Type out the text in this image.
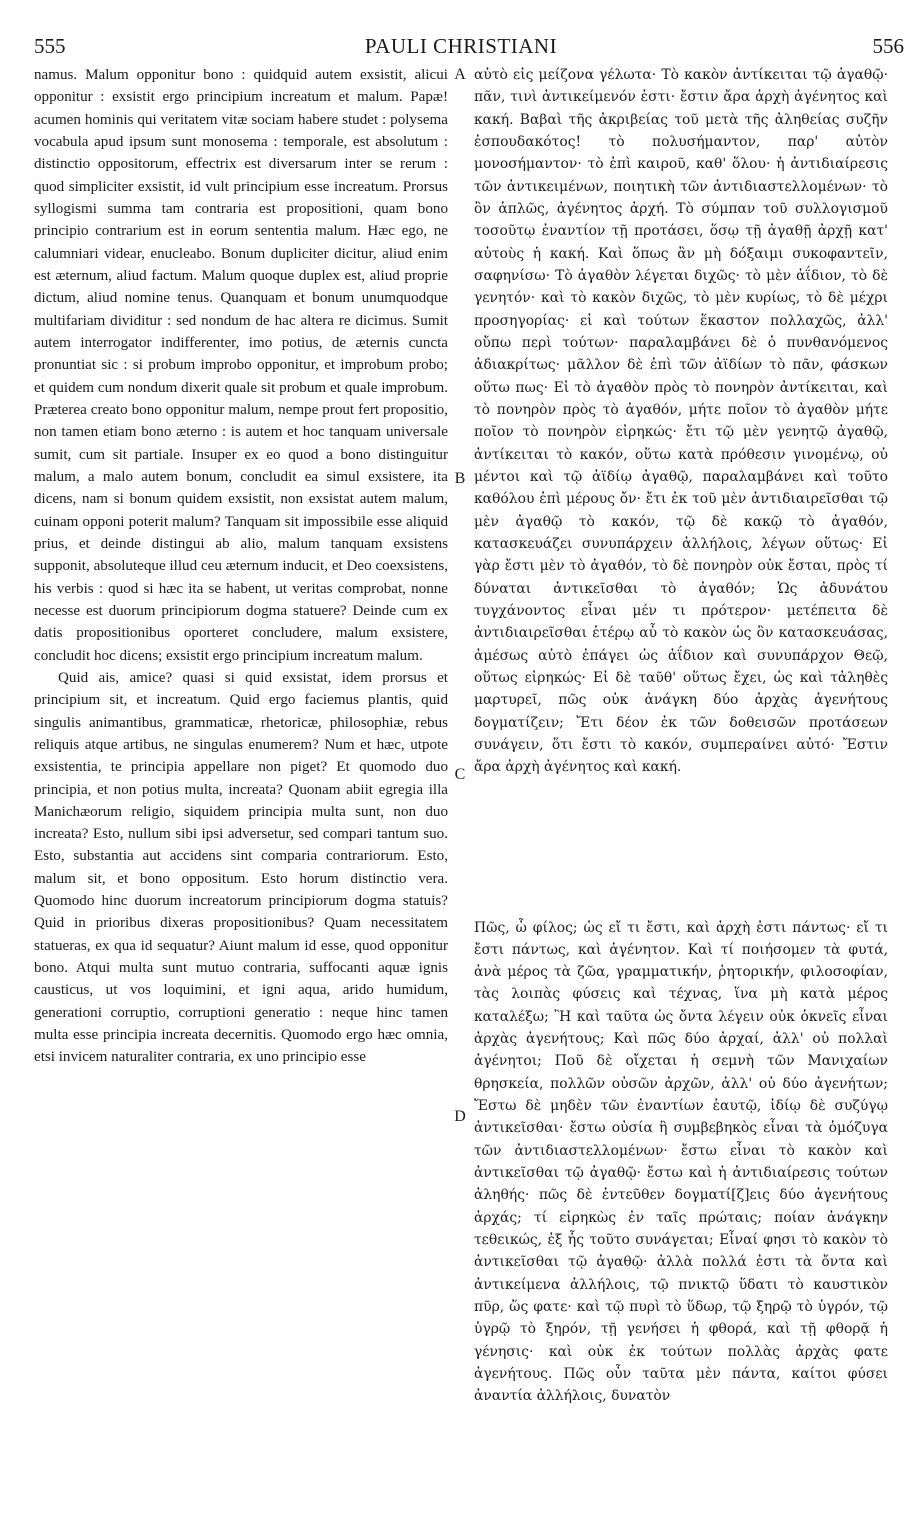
555	PAULI CHRISTIANI	556

namus. Malum opponitur bono : quidquid autem exsistit, alicui opponitur : exsistit ergo principium increatum et malum. Papæ! acumen hominis qui veritatem vitæ sociam habere studet : polysema vocabula apud ipsum sunt monosema : temporale, est absolutum : distinctio oppositorum, effectrix est diversarum inter se rerum : quod simpliciter exsistit, id vult principium esse increatum. Prorsus syllogismi summa tam contraria est propositioni, quam bono principio contrarium est in eorum sententia malum. Hæc ego, ne calumniari videar, enucleabo. Bonum dupliciter dicitur, aliud enim est æternum, aliud factum. Malum quoque duplex est, aliud proprie dictum, aliud nomine tenus. Quanquam et bonum unumquodque multifariam dividitur : sed nondum de hac altera re dicimus. Sumit autem interrogator indifferenter, imo potius, de æternis cuncta pronuntiat sic : si probum improbo opponitur, et improbum probo; et quidem cum nondum dixerit quale sit probum et quale improbum. Præterea creato bono opponitur malum, nempe prout fert propositio, non tamen etiam bono æterno : is autem et hoc tanquam universale sumit, cum sit partiale. Insuper ex eo quod a bono distinguitur malum, a malo autem bonum, concludit ea simul exsistere, ita dicens, nam si bonum quidem exsistit, non exsistat autem malum, cuinam opponi poterit malum? Tanquam sit impossibile esse aliquid prius, et deinde distingui ab alio, malum tanquam exsistens supponit, absoluteque illud ceu æternum inducit, et Deo coexsistens, his verbis : quod si hæc ita se habent, ut veritas comprobat, nonne necesse est duorum principiorum dogma statuere? Deinde cum ex datis propositionibus oporteret concludere, malum exsistere, concludit hoc dicens; exsistit ergo principium increatum malum.

Quid ais, amice? quasi si quid exsistat, idem prorsus et principium sit, et increatum. Quid ergo faciemus plantis, quid singulis animantibus, grammaticæ, rhetoricæ, philosophiæ, rebus reliquis atque artibus, ne singulas enumerem? Num et hæc, utpote exsistentia, te principia appellare non piget? Et quomodo duo principia, et non potius multa, increata? Quonam abiit egregia illa Manichæorum religio, siquidem principia multa sunt, non duo increata? Esto, nullum sibi ipsi adversetur, sed compari tantum suo. Esto, substantia aut accidens sint comparia contrariorum. Esto, malum sit, et bono oppositum. Esto horum distinctio vera. Quomodo hinc duorum increatorum principiorum dogma statuis? Quid in prioribus dixeras propositionibus? Quam necessitatem statueras, ex qua id sequatur? Aiunt malum id esse, quod opponitur bono. Atqui multa sunt mutuo contraria, suffocanti aquæ ignis causticus, ut vos loquimini, et igni aqua, arido humidum, generationi corruptio, corruptioni generatio : neque hinc tamen multa esse principia increata decernitis. Quomodo ergo hæc omnia, etsi invicem naturaliter contraria, ex uno principio esse

αὐτὸ εἰς μείζονα γέλωτα· Τὸ κακὸν ἀντίκειται τῷ ἀγαθῷ· πᾶν, τινὶ ἀντικείμενόν ἐστι· ἔστιν ἄρα ἀρχὴ ἀγένητος καὶ κακή. Βαβαὶ τῆς ἀκριβείας τοῦ μετὰ τῆς ἀληθείας συζῆν ἐσπουδακότος! τὸ πολυσήμαντον, παρ' αὐτὸν μονοσήμαντον· τὸ ἐπὶ καιροῦ, καθ' ὅλου· ἡ ἀντιδιαίρεσις τῶν ἀντικειμένων, ποιητικὴ τῶν ἀντιδιαστελλομένων· τὸ ὂν ἁπλῶς, ἀγένητος ἀρχή. Τὸ σύμπαν τοῦ συλλογισμοῦ τοσοῦτῳ ἐναντίον τῇ προτάσει, ὅσῳ τῇ ἀγαθῇ ἀρχῇ κατ' αὐτοὺς ἡ κακή. Καὶ ὅπως ἂν μὴ δόξαιμι συκοφαντεῖν, σαφηνίσω· Τὸ ἀγαθὸν λέγεται διχῶς· τὸ μὲν ἀΐδιον, τὸ δὲ γενητόν· καὶ τὸ κακὸν διχῶς, τὸ μὲν κυρίως, τὸ δὲ μέχρι προσηγορίας· εἰ καὶ τούτων ἕκαστον πολλαχῶς, ἀλλ' οὔπω περὶ τούτων· παραλαμβάνει δὲ ὁ πυνθανόμενος ἀδιακρίτως· μᾶλλον δὲ ἐπὶ τῶν ἀϊδίων τὸ πᾶν, φάσκων οὕτω πως· Εἰ τὸ ἀγαθὸν πρὸς τὸ πονηρὸν ἀντίκειται, καὶ τὸ πονηρὸν πρὸς τὸ ἀγαθόν, μήτε ποῖον τὸ ἀγαθὸν μήτε ποῖον τὸ πονηρὸν εἰρηκώς· ἔτι τῷ μὲν γενητῷ ἀγαθῷ, ἀντίκειται τὸ κακόν, οὕτω κατὰ πρόθεσιν γινομένῳ, οὐ μέντοι καὶ τῷ ἀϊδίῳ ἀγαθῷ, παραλαμβάνει καὶ τοῦτο καθόλου ἐπὶ μέρους ὄν· ἔτι ἐκ τοῦ μὲν ἀντιδιαιρεῖσθαι τῷ μὲν ἀγαθῷ τὸ κακόν, τῷ δὲ κακῷ τὸ ἀγαθόν, κατασκευάζει συνυπάρχειν ἀλλήλοις, λέγων οὕτως· Εἰ γὰρ ἔστι μὲν τὸ ἀγαθόν, τὸ δὲ πονηρὸν οὐκ ἔσται, πρὸς τί δύναται ἀντικεῖσθαι τὸ ἀγαθόν; Ὡς ἀδυνάτου τυγχάνοντος εἶναι μέν τι πρότερον· μετέπειτα δὲ ἀντιδιαιρεῖσθαι ἑτέρῳ αὖ τὸ κακὸν ὡς ὂν κατασκευάσας, ἀμέσως αὐτὸ ἐπάγει ὡς ἀΐδιον καὶ συνυπάρχον Θεῷ, οὕτως εἰρηκώς· Εἰ δὲ ταῦθ' οὕτως ἔχει, ὡς καὶ τἀληθὲς μαρτυρεῖ, πῶς οὐκ ἀνάγκη δύο ἀρχὰς ἀγενήτους δογματίζειν; Ἔτι δέον ἐκ τῶν δοθεισῶν προτάσεων συνάγειν, ὅτι ἔστι τὸ κακόν, συμπεραίνει αὐτό· Ἔστιν ἄρα ἀρχὴ ἀγένητος καὶ κακή.

Πῶς, ὦ φίλος; ὡς εἴ τι ἔστι, καὶ ἀρχὴ ἐστι πάντως· εἴ τι ἔστι πάντως, καὶ ἀγένητον. Καὶ τί ποιήσομεν τὰ φυτά, ἀνὰ μέρος τὰ ζῶα, γραμματικήν, ῥητορικήν, φιλοσοφίαν, τὰς λοιπὰς φύσεις καὶ τέχνας, ἵνα μὴ κατὰ μέρος καταλέξω; Ἢ καὶ ταῦτα ὡς ὄντα λέγειν οὐκ ὀκνεῖς εἶναι ἀρχὰς ἀγενήτους; Καὶ πῶς δύο ἀρχαί, ἀλλ' οὐ πολλαὶ ἀγένητοι; Ποῦ δὲ οἴχεται ἡ σεμνὴ τῶν Μανιχαίων θρησκεία, πολλῶν οὐσῶν ἀρχῶν, ἀλλ' οὐ δύο ἀγενήτων; Ἔστω δὲ μηδὲν τῶν ἐναντίων ἑαυτῷ, ἰδίῳ δὲ συζύγῳ ἀντικεῖσθαι· ἔστω οὐσία ἢ συμβεβηκὸς εἶναι τὰ ὁμόζυγα τῶν ἀντιδιαστελλομένων· ἔστω εἶναι τὸ κακὸν καὶ ἀντικεῖσθαι τῷ ἀγαθῷ· ἔστω καὶ ἡ ἀντιδιαίρεσις τούτων ἀληθής· πῶς δὲ ἐντεῦθεν δογματί[ζ]εις δύο ἀγενήτους ἀρχάς; τί εἰρηκὼς ἐν ταῖς πρώταις; ποίαν ἀνάγκην τεθεικώς, ἐξ ἧς τοῦτο συνάγεται; Εἶναί φησι τὸ κακὸν τὸ ἀντικεῖσθαι τῷ ἀγαθῷ· ἀλλὰ πολλά ἐστι τὰ ὄντα καὶ ἀντικείμενα ἀλλήλοις, τῷ πνικτῷ ὕδατι τὸ καυστικὸν πῦρ, ὥς φατε· καὶ τῷ πυρὶ τὸ ὕδωρ, τῷ ξηρῷ τὸ ὑγρόν, τῷ ὑγρῷ τὸ ξηρόν, τῇ γενήσει ἡ φθορά, καὶ τῇ φθορᾷ ἡ γένησις· καὶ οὐκ ἐκ τούτων πολλὰς ἀρχὰς φατε ἀγενήτους. Πῶς οὖν ταῦτα μὲν πάντα, καίτοι φύσει ἀναντία ἀλλήλοις, δυνατὸν

A
B
C
D
